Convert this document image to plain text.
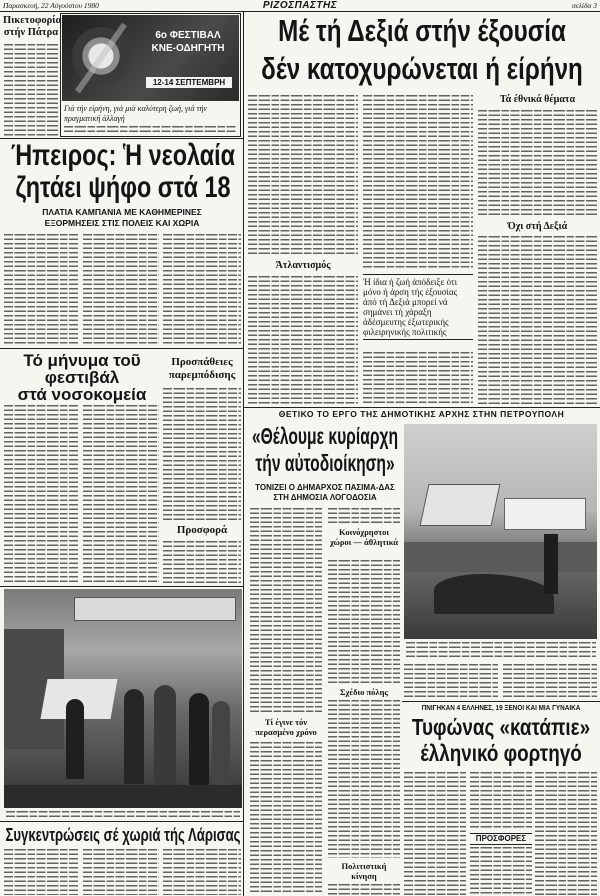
Παρασκευή, 22 Αύγούστου 1980	ΡΙΖΟΣΠΑΣΤΗΣ	σελίδα 3
Πικετοφορία
στήν Πάτρα	6ο ΦΕΣΤΙΒΑΛ
ΚΝΕ-ΟΔΗΓΗΤΗ
12-14 ΣΕΠΤΕΜΒΡΗ
Γιά τήν είρήνη, γιά μιά καλύτερη ζωή, γιά τήν πραγματική άλλαγή
Ήπειρος: Ἡ νεολαία
ζητάει ψήφο στά 18
ΠΛΑΤΙΑ ΚΑΜΠΑΝΙΑ ΜΕ ΚΑΘΗΜΕΡΙΝΕΣ ΕΞΟΡΜΗΣΕΙΣ ΣΤΙΣ ΠΟΛΕΙΣ ΚΑΙ ΧΩΡΙΑ
Τό μήνυμα τοῦ
φεστιβάλ
στά νοσοκομεία
Προσπάθειες
παρεμπόδισης
Προσφορά
Συγκεντρώσεις σέ χωριά τής Λάρισας
Μέ τή Δεξιά στήν έξουσία
δέν κατοχυρώνεται ή είρήνη
Άτλαντισμός
Ἡ ίδια ή ζωή άπόδειξε ότι μόνο ή άρση τής έξουσίας άπό τή Δεξιά μπορεί νά σημάνει τή χάραξη άδέσμευτης έξωτερικής φιλειρηνικής πολιτικής
Τά έθνικά θέματα
Όχι στή Δεξιά
ΘΕΤΙΚΟ ΤΟ ΕΡΓΟ ΤΗΣ ΔΗΜΟΤΙΚΗΣ ΑΡΧΗΣ ΣΤΗΝ ΠΕΤΡΟΥΠΟΛΗ
«Θέλουμε κυρίαρχη
τήν αὐτοδιοίκηση»
ΤΟΝΙΖΕΙ Ο ΔΗΜΑΡΧΟΣ ΠΑΣΙΜΑ-ΔΑΣ ΣΤΗ ΔΗΜΟΣΙΑ ΛΟΓΟΔΟΣΙΑ
Τί έγινε τόν περασμένο χρόνο
Κοινόχρηστοι χώροι — άθλητικά
Σχέδιο πόλης
Πολιτιστική κίνηση
ΠΝΙΓΗΚΑΝ 4 ΕΛΛΗΝΕΣ, 19 ΞΕΝΟΙ ΚΑΙ ΜΙΑ ΓΥΝΑΙΚΑ
Τυφώνας «κατάπιε»
έλληνικό φορτηγό
ΠΡΟΣΦΟΡΕΣ
